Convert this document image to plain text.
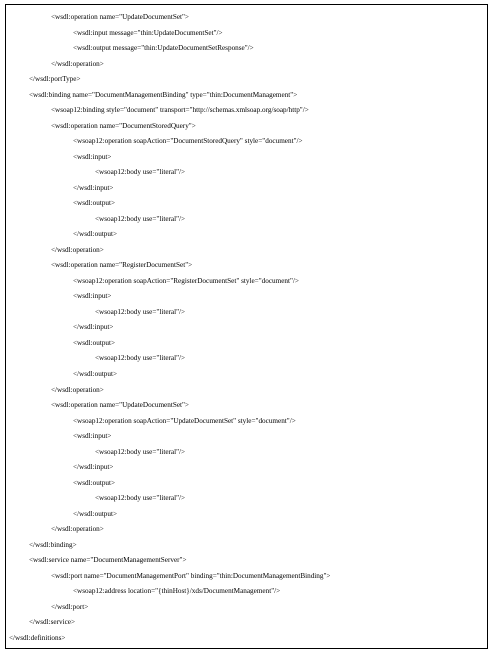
<wsdl:operation name="UpdateDocumentSet">
<wsdl:input message="thin:UpdateDocumentSet"/>
<wsdl:output message="thin:UpdateDocumentSetResponse"/>
</wsdl:operation>
</wsdl:portType>
<wsdl:binding name="DocumentManagementBinding" type="thin:DocumentManagement">
<wsoap12:binding style="document" transport="http://schemas.xmlsoap.org/soap/http"/>
<wsdl:operation name="DocumentStoredQuery">
<wsoap12:operation soapAction="DocumentStoredQuery" style="document"/>
<wsdl:input>
<wsoap12:body use="literal"/>
</wsdl:input>
<wsdl:output>
<wsoap12:body use="literal"/>
</wsdl:output>
</wsdl:operation>
<wsdl:operation name="RegisterDocumentSet">
<wsoap12:operation soapAction="RegisterDocumentSet" style="document"/>
<wsdl:input>
<wsoap12:body use="literal"/>
</wsdl:input>
<wsdl:output>
<wsoap12:body use="literal"/>
</wsdl:output>
</wsdl:operation>
<wsdl:operation name="UpdateDocumentSet">
<wsoap12:operation soapAction="UpdateDocumentSet" style="document"/>
<wsdl:input>
<wsoap12:body use="literal"/>
</wsdl:input>
<wsdl:output>
<wsoap12:body use="literal"/>
</wsdl:output>
</wsdl:operation>
</wsdl:binding>
<wsdl:service name="DocumentManagementServer">
<wsdl:port name="DocumentManagementPort" binding="thin:DocumentManagementBinding">
<wsoap12:address location="{thinHost}/xds/DocumentManagement"/>
</wsdl:port>
</wsdl:service>
</wsdl:definitions>
